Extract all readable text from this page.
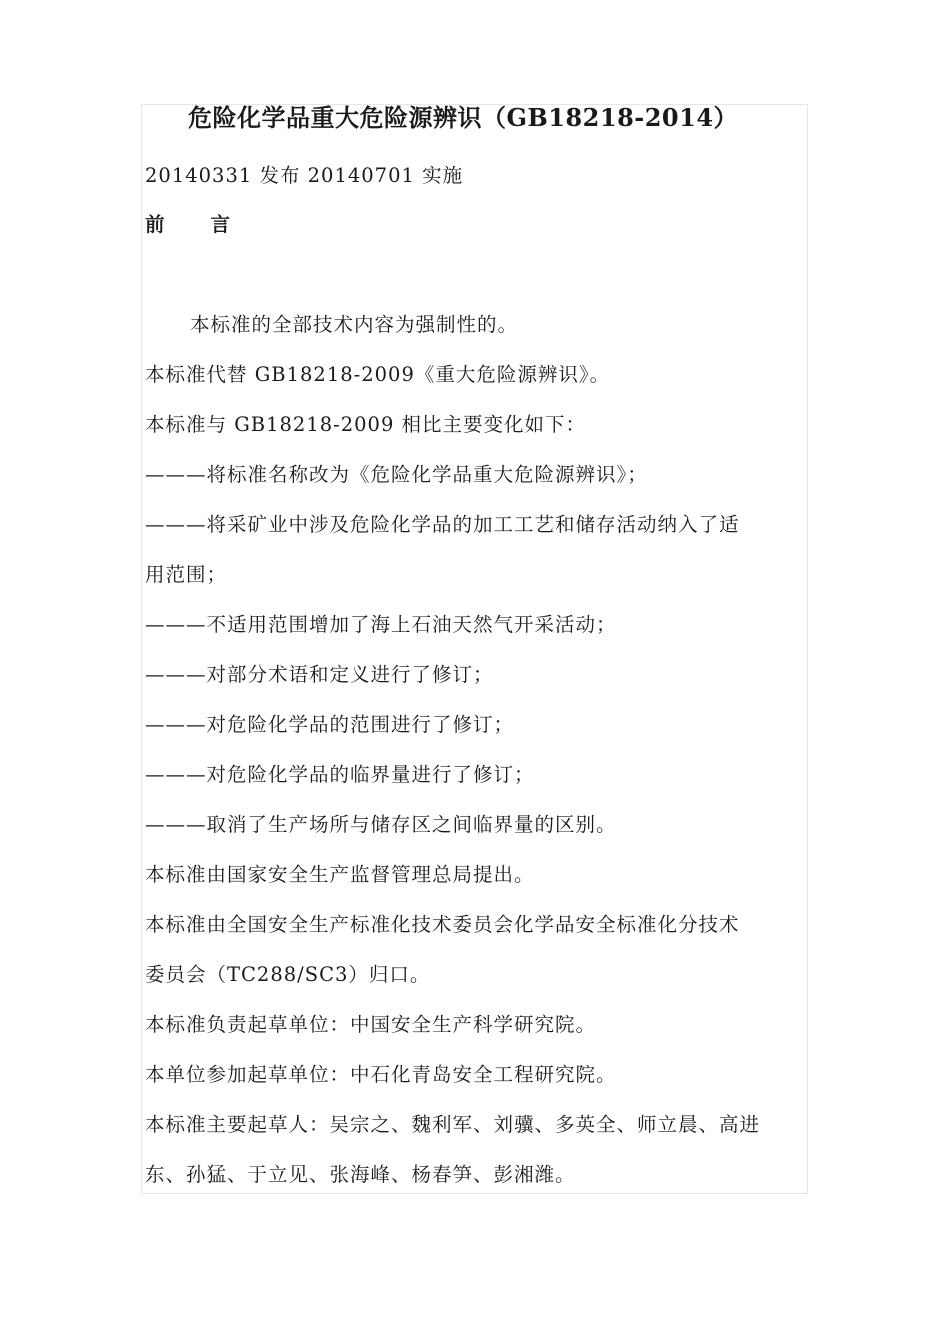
危险化学品重大危险源辨识（GB18218-2014）

20140331 发布 20140701 实施

前 言

本标准的全部技术内容为强制性的。

本标准代替 GB18218-2009《重大危险源辨识》。

本标准与 GB18218-2009 相比主要变化如下：

———将标准名称改为《危险化学品重大危险源辨识》；

———将采矿业中涉及危险化学品的加工工艺和储存活动纳入了适

用范围；

———不适用范围增加了海上石油天然气开采活动；

———对部分术语和定义进行了修订；

———对危险化学品的范围进行了修订；

———对危险化学品的临界量进行了修订；

———取消了生产场所与储存区之间临界量的区别。

本标准由国家安全生产监督管理总局提出。

本标准由全国安全生产标准化技术委员会化学品安全标准化分技术

委员会（TC288/SC3）归口。

本标准负责起草单位：中国安全生产科学研究院。

本单位参加起草单位：中石化青岛安全工程研究院。

本标准主要起草人：吴宗之、魏利军、刘骥、多英全、师立晨、高进

东、孙猛、于立见、张海峰、杨春笋、彭湘潍。
